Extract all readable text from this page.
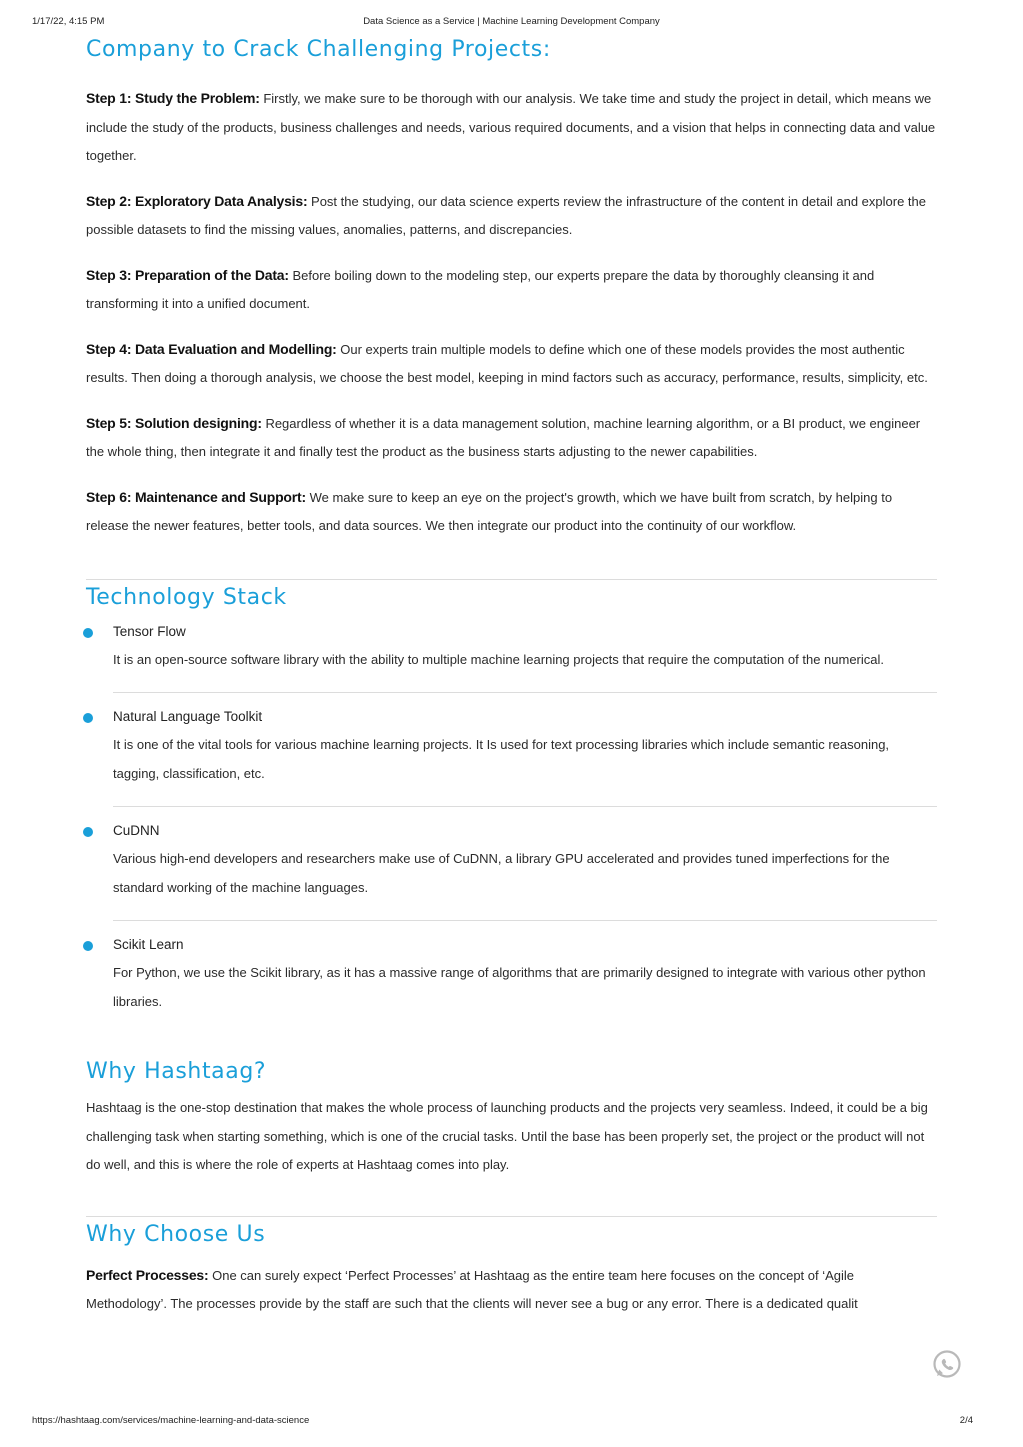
1/17/22, 4:15 PM	Data Science as a Service | Machine Learning Development Company
Company to Crack Challenging Projects:

Step 1: Study the Problem: Firstly, we make sure to be thorough with our analysis. We take time and study the project in detail, which means we include the study of the products, business challenges and needs, various required documents, and a vision that helps in connecting data and value together.

Step 2: Exploratory Data Analysis: Post the studying, our data science experts review the infrastructure of the content in detail and explore the possible datasets to find the missing values, anomalies, patterns, and discrepancies.

Step 3: Preparation of the Data: Before boiling down to the modeling step, our experts prepare the data by thoroughly cleansing it and transforming it into a unified document.

Step 4: Data Evaluation and Modelling: Our experts train multiple models to define which one of these models provides the most authentic results. Then doing a thorough analysis, we choose the best model, keeping in mind factors such as accuracy, performance, results, simplicity, etc.

Step 5: Solution designing: Regardless of whether it is a data management solution, machine learning algorithm, or a BI product, we engineer the whole thing, then integrate it and finally test the product as the business starts adjusting to the newer capabilities.

Step 6: Maintenance and Support: We make sure to keep an eye on the project's growth, which we have built from scratch, by helping to release the newer features, better tools, and data sources. We then integrate our product into the continuity of our workflow.

Technology Stack

Tensor Flow

It is an open-source software library with the ability to multiple machine learning projects that require the computation of the numerical.

Natural Language Toolkit

It is one of the vital tools for various machine learning projects. It Is used for text processing libraries which include semantic reasoning, tagging, classification, etc.

CuDNN

Various high-end developers and researchers make use of CuDNN, a library GPU accelerated and provides tuned imperfections for the standard working of the machine languages.

Scikit Learn

For Python, we use the Scikit library, as it has a massive range of algorithms that are primarily designed to integrate with various other python libraries.

Why Hashtaag?

Hashtaag is the one-stop destination that makes the whole process of launching products and the projects very seamless. Indeed, it could be a big challenging task when starting something, which is one of the crucial tasks. Until the base has been properly set, the project or the product will not do well, and this is where the role of experts at Hashtaag comes into play.

Why Choose Us

Perfect Processes: One can surely expect ‘Perfect Processes’ at Hashtaag as the entire team here focuses on the concept of ‘Agile Methodology’. The processes provide by the staff are such that the clients will never see a bug or any error. There is a dedicated qualit

https://hashtaag.com/services/machine-learning-and-data-science	2/4
